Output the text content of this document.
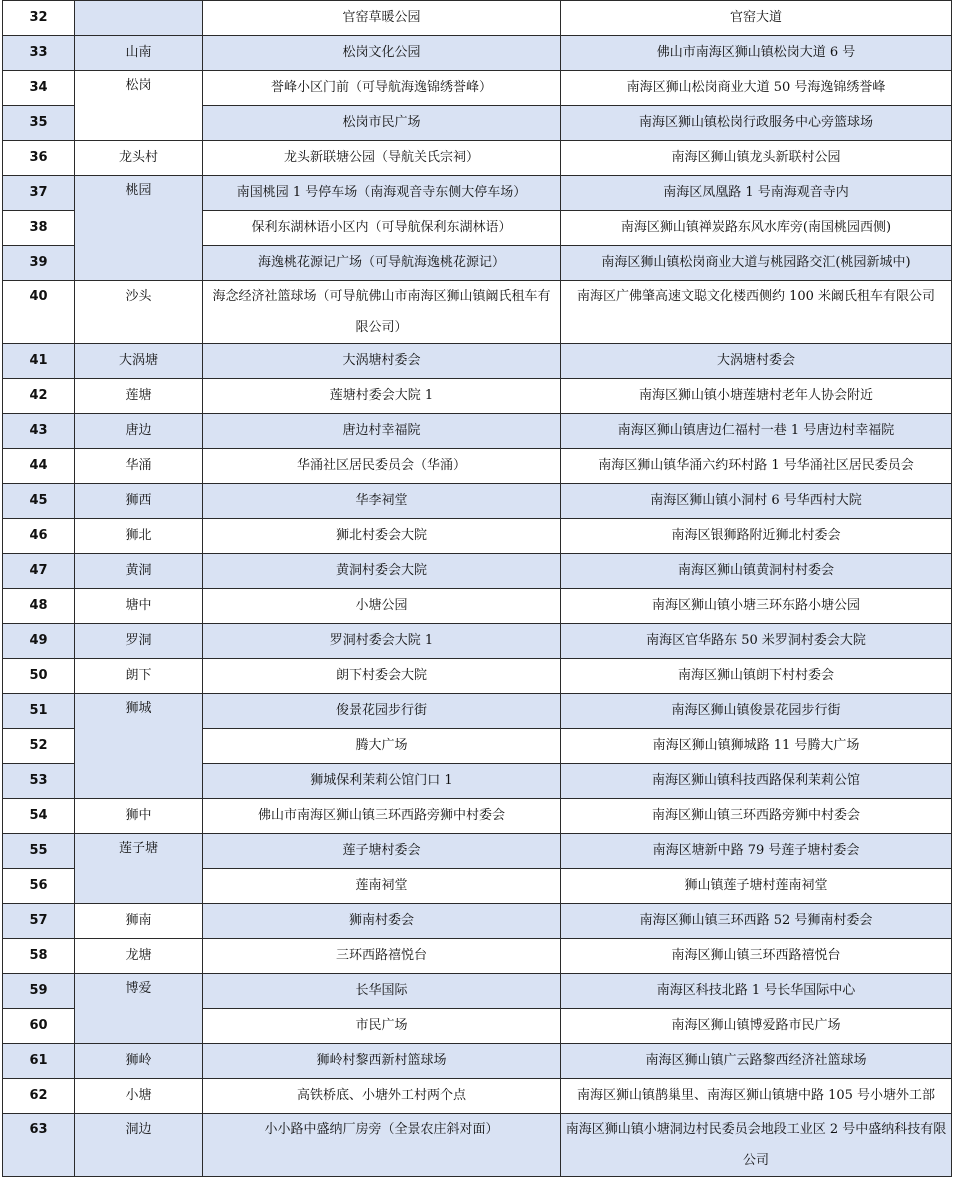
32		官窑草暖公园	官窑大道
33	山南	松岗文化公园	佛山市南海区狮山镇松岗大道 6 号
34	松岗	誉峰小区门前（可导航海逸锦绣誉峰）	南海区狮山松岗商业大道 50 号海逸锦绣誉峰
35		松岗市民广场	南海区狮山镇松岗行政服务中心旁篮球场
36	龙头村	龙头新联塘公园（导航关氏宗祠）	南海区狮山镇龙头新联村公园
37	桃园	南国桃园 1 号停车场（南海观音寺东侧大停车场）	南海区凤凰路 1 号南海观音寺内
38		保利东湖林语小区内（可导航保利东湖林语）	南海区狮山镇禅炭路东风水库旁(南国桃园西侧)
39		海逸桃花源记广场（可导航海逸桃花源记）	南海区狮山镇松岗商业大道与桃园路交汇(桃园新城中)
40	沙头	海念经济社篮球场（可导航佛山市南海区狮山镇阚氏租车有限公司）	南海区广佛肇高速文聪文化楼西侧约 100 米阚氏租车有限公司
41	大涡塘	大涡塘村委会	大涡塘村委会
42	莲塘	莲塘村委会大院 1	南海区狮山镇小塘莲塘村老年人协会附近
43	唐边	唐边村幸福院	南海区狮山镇唐边仁福村一巷 1 号唐边村幸福院
44	华涌	华涌社区居民委员会（华涌）	南海区狮山镇华涌六约环村路 1 号华涌社区居民委员会
45	狮西	华李祠堂	南海区狮山镇小洞村 6 号华西村大院
46	狮北	狮北村委会大院	南海区银狮路附近狮北村委会
47	黄洞	黄洞村委会大院	南海区狮山镇黄洞村村委会
48	塘中	小塘公园	南海区狮山镇小塘三环东路小塘公园
49	罗洞	罗洞村委会大院 1	南海区官华路东 50 米罗洞村委会大院
50	朗下	朗下村委会大院	南海区狮山镇朗下村村委会
51	狮城	俊景花园步行街	南海区狮山镇俊景花园步行街
52		腾大广场	南海区狮山镇狮城路 11 号腾大广场
53		狮城保利茉莉公馆门口 1	南海区狮山镇科技西路保利茉莉公馆
54	狮中	佛山市南海区狮山镇三环西路旁狮中村委会	南海区狮山镇三环西路旁狮中村委会
55	莲子塘	莲子塘村委会	南海区塘新中路 79 号莲子塘村委会
56		莲南祠堂	狮山镇莲子塘村莲南祠堂
57	狮南	狮南村委会	南海区狮山镇三环西路 52 号狮南村委会
58	龙塘	三环西路禧悦台	南海区狮山镇三环西路禧悦台
59	博爱	长华国际	南海区科技北路 1 号长华国际中心
60		市民广场	南海区狮山镇博爱路市民广场
61	狮岭	狮岭村黎西新村篮球场	南海区狮山镇广云路黎西经济社篮球场
62	小塘	高铁桥底、小塘外工村两个点	南海区狮山镇鹊巢里、南海区狮山镇塘中路 105 号小塘外工部
63	洞边	小小路中盛纳厂房旁（全景农庄斜对面）	南海区狮山镇小塘洞边村民委员会地段工业区 2 号中盛纳科技有限公司
